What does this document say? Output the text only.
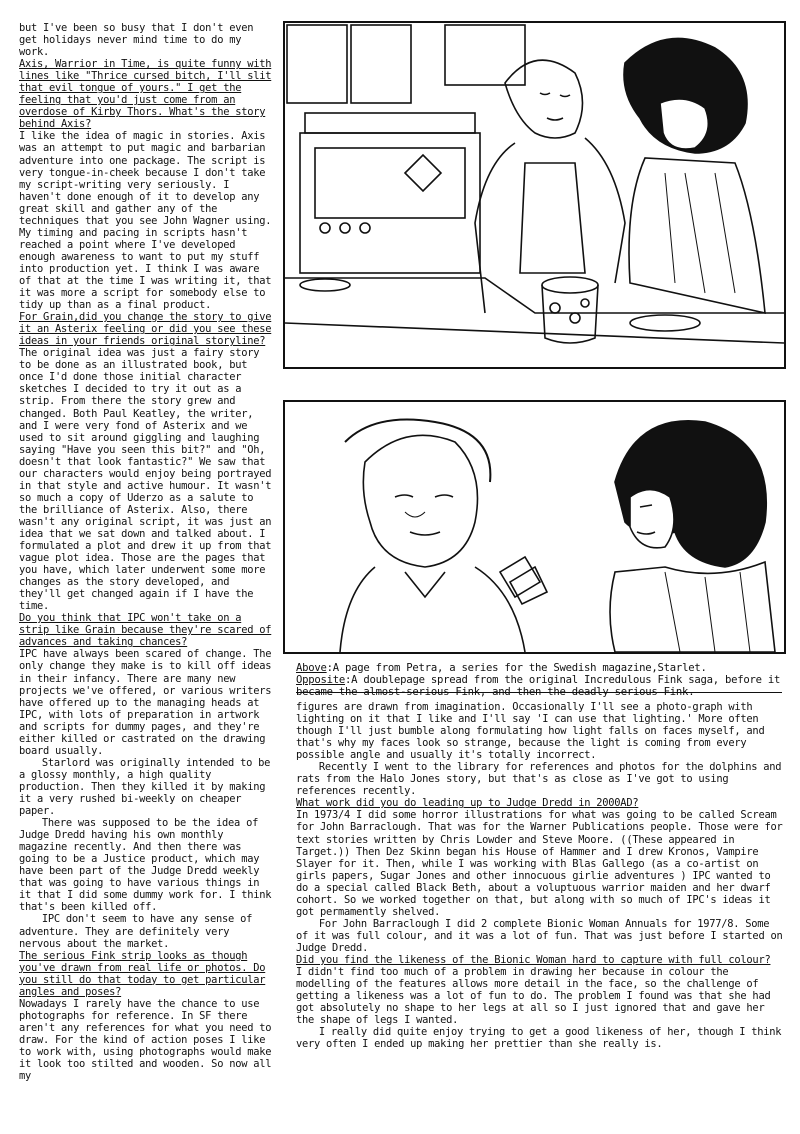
but I've been so busy that I don't even get holidays never mind time to do my work.

Axis, Warrior in Time, is quite funny with lines like "Thrice cursed bitch, I'll slit that evil tongue of yours." I get the feeling that you'd just come from an overdose of Kirby Thors. What's the story behind Axis?

I like the idea of magic in stories. Axis was an attempt to put magic and barbarian adventure into one package. The script is very tongue-in-cheek because I don't take my script-writing very seriously. I haven't done enough of it to develop any great skill and gather any of the techniques that you see John Wagner using. My timing and pacing in scripts hasn't reached a point where I've developed enough awareness to want to put my stuff into production yet. I think I was aware of that at the time I was writing it, that it was more a script for somebody else to tidy up than as a final product.

For Grain,did you change the story to give it an Asterix feeling or did you see these ideas in your friends original storyline?

The original idea was just a fairy story to be done as an illustrated book, but once I'd done those initial character sketches I decided to try it out as a strip. From there the story grew and changed. Both Paul Keatley, the writer, and I were very fond of Asterix and we used to sit around giggling and laughing saying "Have you seen this bit?" and "Oh, doesn't that look fantastic?" We saw that our characters would enjoy being portrayed in that style and active humour. It wasn't so much a copy of Uderzo as a salute to the brilliance of Asterix. Also, there wasn't any original script, it was just an idea that we sat down and talked about. I formulated a plot and drew it up from that vague plot idea. Those are the pages that you have, which later underwent some more changes as the story developed, and they'll get changed again if I have the time.

Do you think that IPC won't take on a strip like Grain because they're scared of advances and taking chances?

IPC have always been scared of change. The only change they make is to kill off ideas in their infancy. There are many new projects we've offered, or various writers have offered up to the managing heads at IPC, with lots of preparation in artwork and scripts for dummy pages, and they're either killed or castrated on the drawing board usually.

Starlord was originally intended to be a glossy monthly, a high quality production. Then they killed it by making it a very rushed bi-weekly on cheaper paper.

There was supposed to be the idea of Judge Dredd having his own monthly magazine recently. And then there was going to be a Justice product, which may have been part of the Judge Dredd weekly that was going to have various things in it that I did some dummy work for. I think that's been killed off.

IPC don't seem to have any sense of adventure. They are definitely very nervous about the market.

The serious Fink strip looks as though you've drawn from real life or photos. Do you still do that today to get particular angles and poses?

Nowadays I rarely have the chance to use photographs for reference. In SF there aren't any references for what you need to draw. For the kind of action poses I like to work with, using photographs would make it look too stilted and wooden. So now all my

Above:A page from Petra, a series for the Swedish magazine,Starlet.

Opposite:A doublepage spread from the original Incredulous Fink saga, before it became the almost-serious Fink, and then the deadly serious Fink.

figures are drawn from imagination. Occasionally I'll see a photo-graph with lighting on it that I like and I'll say 'I can use that lighting.' More often though I'll just bumble along formulating how light falls on faces myself, and that's why my faces look so strange, because the light is coming from every possible angle and usually it's totally incorrect.

Recently I went to the library for references and photos for the dolphins and rats from the Halo Jones story, but that's as close as I've got to using references recently.

What work did you do leading up to Judge Dredd in 2000AD?

In 1973/4 I did some horror illustrations for what was going to be called Scream for John Barraclough. That was for the Warner Publications people. Those were for text stories written by Chris Lowder and Steve Moore. ((These appeared in Target.)) Then Dez Skinn began his House of Hammer and I drew Kronos, Vampire Slayer for it. Then, while I was working with Blas Gallego (as a co-artist on girls papers, Sugar Jones and other innocuous girlie adventures ) IPC wanted to do a special called Black Beth, about a voluptuous warrior maiden and her dwarf cohort. So we worked together on that, but along with so much of IPC's ideas it got permamently shelved.

For John Barraclough I did 2 complete Bionic Woman Annuals for 1977/8. Some of it was full colour, and it was a lot of fun. That was just before I started on Judge Dredd.

Did you find the likeness of the Bionic Woman hard to capture with full colour?

I didn't find too much of a problem in drawing her because in colour the modelling of the features allows more detail in the face, so the challenge of getting a likeness was a lot of fun to do. The problem I found was that she had got absolutely no shape to her legs at all so I just ignored that and gave her the shape of legs I wanted.

I really did quite enjoy trying to get a good likeness of her, though I think very often I ended up making her prettier than she really is.
